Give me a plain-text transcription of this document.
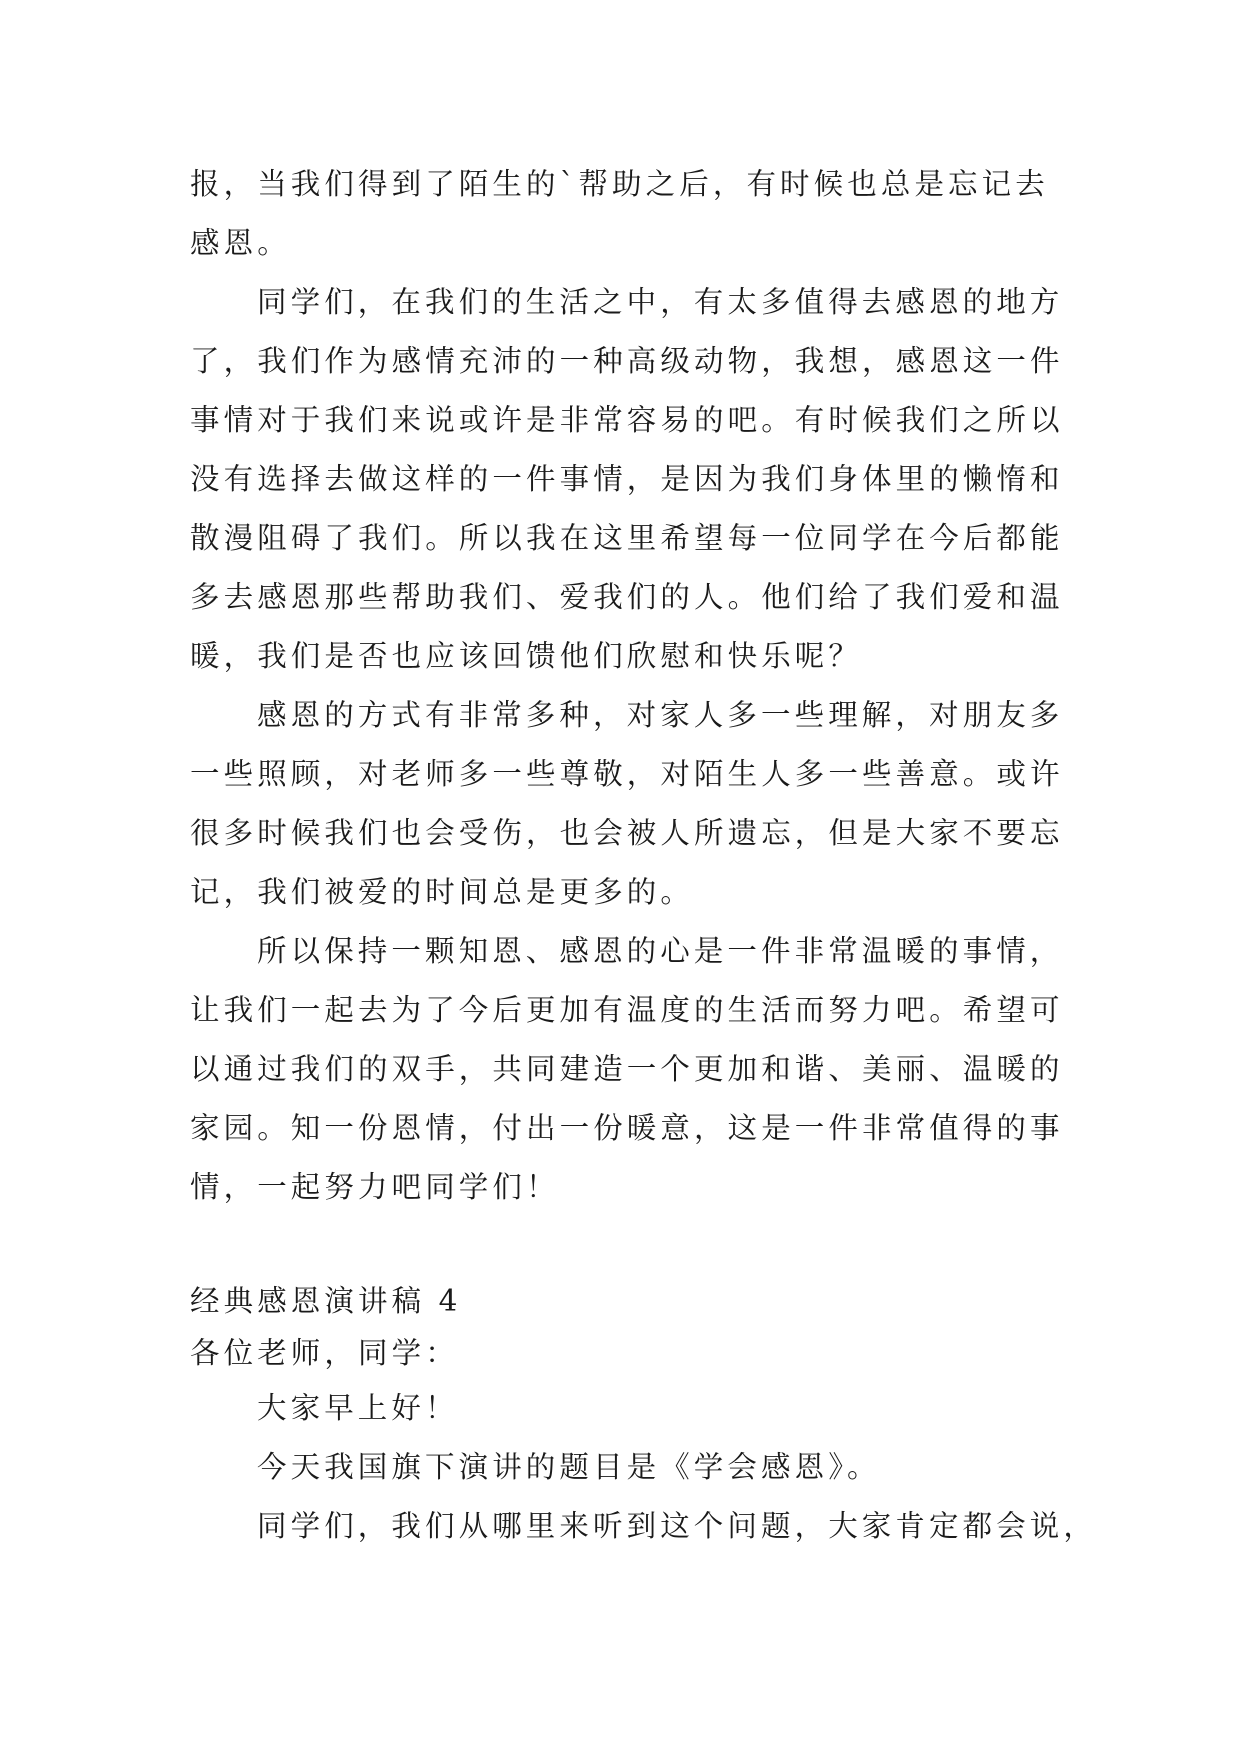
报，当我们得到了陌生的`帮助之后，有时候也总是忘记去

感恩。

同学们，在我们的生活之中，有太多值得去感恩的地方

了，我们作为感情充沛的一种高级动物，我想，感恩这一件

事情对于我们来说或许是非常容易的吧。有时候我们之所以

没有选择去做这样的一件事情，是因为我们身体里的懒惰和

散漫阻碍了我们。所以我在这里希望每一位同学在今后都能

多去感恩那些帮助我们、爱我们的人。他们给了我们爱和温

暖，我们是否也应该回馈他们欣慰和快乐呢？

感恩的方式有非常多种，对家人多一些理解，对朋友多

一些照顾，对老师多一些尊敬，对陌生人多一些善意。或许

很多时候我们也会受伤，也会被人所遗忘，但是大家不要忘

记，我们被爱的时间总是更多的。

所以保持一颗知恩、感恩的心是一件非常温暖的事情，

让我们一起去为了今后更加有温度的生活而努力吧。希望可

以通过我们的双手，共同建造一个更加和谐、美丽、温暖的

家园。知一份恩情，付出一份暖意，这是一件非常值得的事

情，一起努力吧同学们！

经典感恩演讲稿 4

各位老师，同学：

大家早上好！

今天我国旗下演讲的题目是《学会感恩》。

同学们，我们从哪里来听到这个问题，大家肯定都会说，
